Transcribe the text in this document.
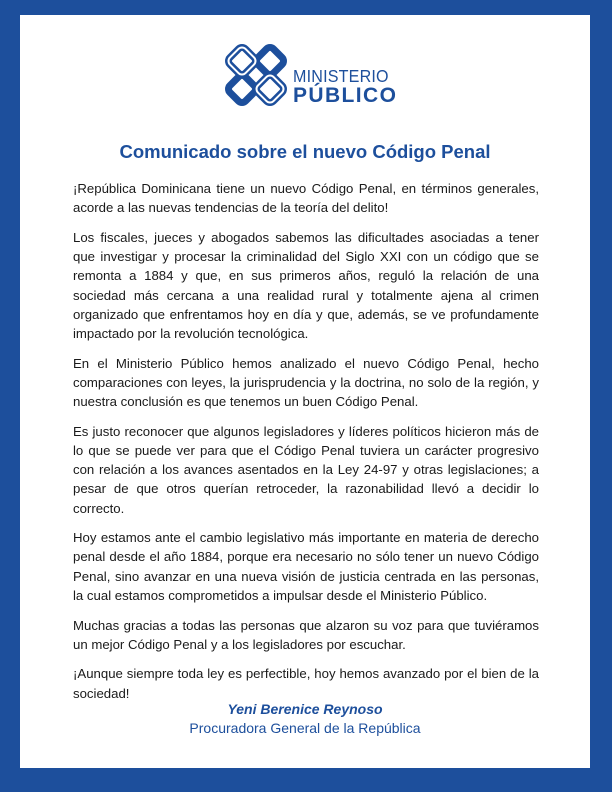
MINISTERIO
PÚBLICO
Comunicado sobre el nuevo Código Penal

¡República Dominicana tiene un nuevo Código Penal, en términos generales, acorde a las nuevas tendencias de la teoría del delito!

Los fiscales, jueces y abogados sabemos las dificultades asociadas a tener que investigar y procesar la criminalidad del Siglo XXI con un código que se remonta a 1884 y que, en sus primeros años, reguló la relación de una sociedad más cercana a una realidad rural y totalmente ajena al crimen organizado que enfrentamos hoy en día y que, además, se ve profundamente impactado por la revolución tecnológica.

En el Ministerio Público hemos analizado el nuevo Código Penal, hecho comparaciones con leyes, la jurisprudencia y la doctrina, no solo de la región, y nuestra conclusión es que tenemos un buen Código Penal.

Es justo reconocer que algunos legisladores y líderes políticos hicieron más de lo que se puede ver para que el Código Penal tuviera un carácter progresivo con relación a los avances asentados en la Ley 24-97 y otras legislaciones; a pesar de que otros querían retroceder, la razonabilidad llevó a decidir lo correcto.

Hoy estamos ante el cambio legislativo más importante en materia de derecho penal desde el año 1884, porque era necesario no sólo tener un nuevo Código Penal, sino avanzar en una nueva visión de justicia centrada en las personas, la cual estamos comprometidos a impulsar desde el Ministerio Público.

Muchas gracias a todas las personas que alzaron su voz para que tuviéramos un mejor Código Penal y a los legisladores por escuchar.

¡Aunque siempre toda ley es perfectible, hoy hemos avanzado por el bien de la sociedad!

Yeni Berenice Reynoso
Procuradora General de la República
